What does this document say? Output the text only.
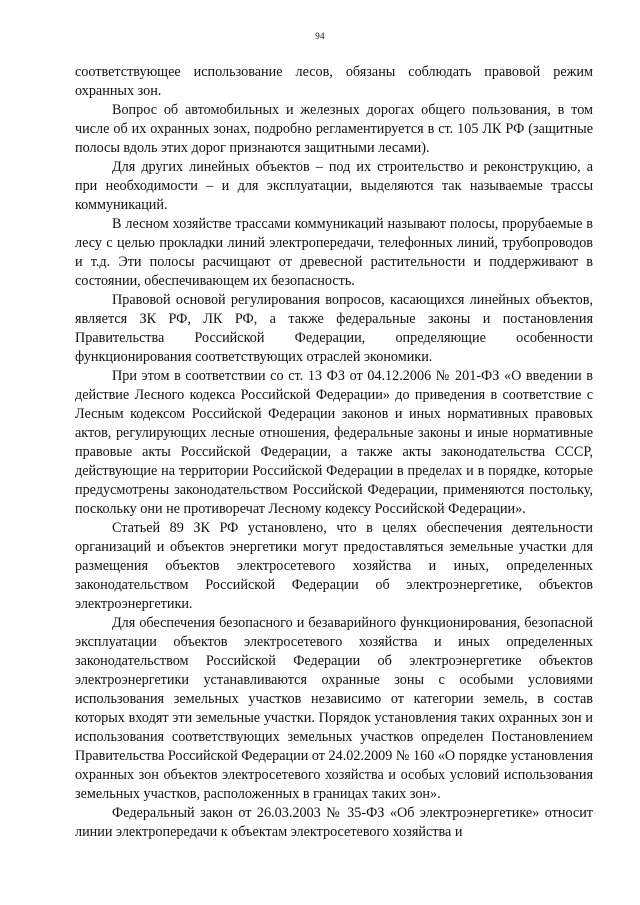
94

соответствующее использование лесов, обязаны соблюдать правовой режим охранных зон.

Вопрос об автомобильных и железных дорогах общего пользования, в том числе об их охранных зонах, подробно регламентируется в ст. 105 ЛК РФ (защитные полосы вдоль этих дорог признаются защитными лесами).

Для других линейных объектов – под их строительство и реконструкцию, а при необходимости – и для эксплуатации, выделяются так называемые трассы коммуникаций.

В лесном хозяйстве трассами коммуникаций называют полосы, прорубаемые в лесу с целью прокладки линий электропередачи, телефонных линий, трубопроводов и т.д. Эти полосы расчищают от древесной растительности и поддерживают в состоянии, обеспечивающем их безопасность.

Правовой основой регулирования вопросов, касающихся линейных объектов, является ЗК РФ, ЛК РФ, а также федеральные законы и постановления Правительства Российской Федерации, определяющие особенности функционирования соответствующих отраслей экономики.

При этом в соответствии со ст. 13 ФЗ от 04.12.2006 № 201-ФЗ «О введении в действие Лесного кодекса Российской Федерации» до приведения в соответствие с Лесным кодексом Российской Федерации законов и иных нормативных правовых актов, регулирующих лесные отношения, федеральные законы и иные нормативные правовые акты Российской Федерации, а также акты законодательства СССР, действующие на территории Российской Федерации в пределах и в порядке, которые предусмотрены законодательством Российской Федерации, применяются постольку, поскольку они не противоречат Лесному кодексу Российской Федерации».

Статьей 89 ЗК РФ установлено, что в целях обеспечения деятельности организаций и объектов энергетики могут предоставляться земельные участки для размещения объектов электросетевого хозяйства и иных, определенных законодательством Российской Федерации об электроэнергетике, объектов электроэнергетики.

Для обеспечения безопасного и безаварийного функционирования, безопасной эксплуатации объектов электросетевого хозяйства и иных определенных законодательством Российской Федерации об электроэнергетике объектов электроэнергетики устанавливаются охранные зоны с особыми условиями использования земельных участков независимо от категории земель, в состав которых входят эти земельные участки. Порядок установления таких охранных зон и использования соответствующих земельных участков определен Постановлением Правительства Российской Федерации от 24.02.2009 № 160 «О порядке установления охранных зон объектов электросетевого хозяйства и особых условий использования земельных участков, расположенных в границах таких зон».

Федеральный закон от 26.03.2003 № 35-ФЗ «Об электроэнергетике» относит линии электропередачи к объектам электросетевого хозяйства и
